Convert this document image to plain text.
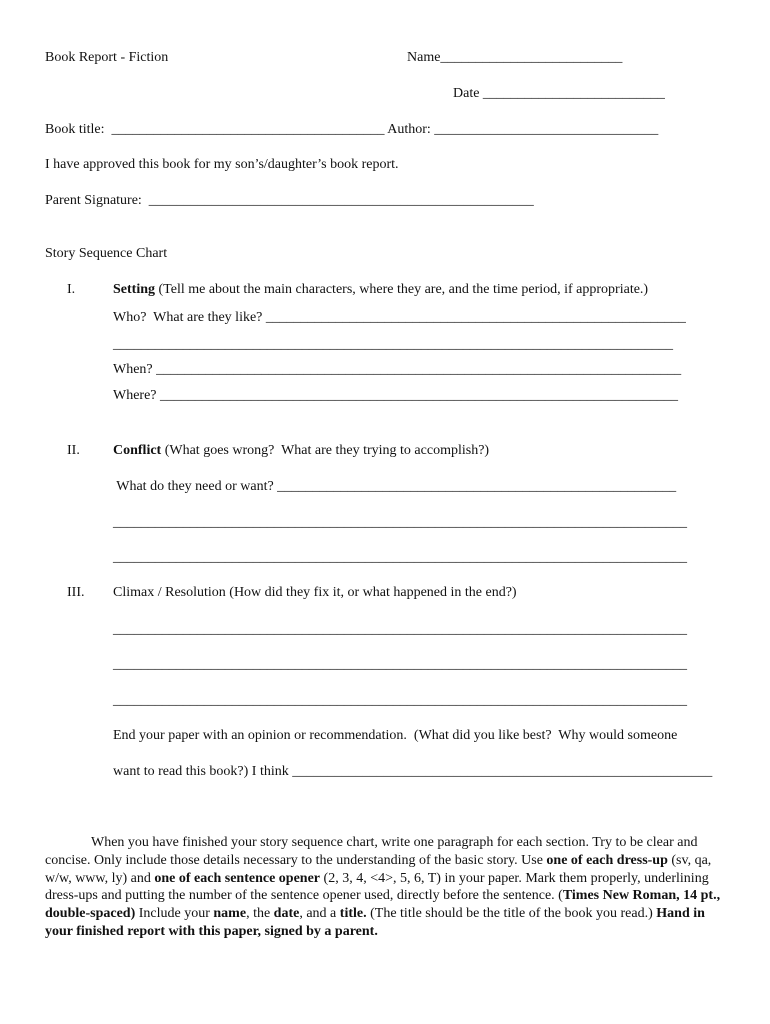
Book Report - Fiction	Name__________________________
Date __________________________
Book title:  _______________________________________ Author: ________________________________
I have approved this book for my son’s/daughter’s book report.
Parent Signature:  _______________________________________________________
Story Sequence Chart
I.	Setting (Tell me about the main characters, where they are, and the time period, if appropriate.)
Who?  What are they like? ____________________________________________________________
________________________________________________________________________________
When? ___________________________________________________________________________
Where? __________________________________________________________________________
II. Conflict (What goes wrong?  What are they trying to accomplish?)
What do they need or want? _________________________________________________________
__________________________________________________________________________________
__________________________________________________________________________________
III. Climax / Resolution (How did they fix it, or what happened in the end?)
__________________________________________________________________________________
__________________________________________________________________________________
__________________________________________________________________________________
End your paper with an opinion or recommendation.  (What did you like best?  Why would someone
want to read this book?) I think ____________________________________________________________
When you have finished your story sequence chart, write one paragraph for each section. Try to be clear and concise. Only include those details necessary to the understanding of the basic story. Use one of each dress-up (sv, qa, w/w, www, ly) and one of each sentence opener (2, 3, 4, <4>, 5, 6, T) in your paper. Mark them properly, underlining dress-ups and putting the number of the sentence opener used, directly before the sentence. (Times New Roman, 14 pt., double-spaced) Include your name, the date, and a title. (The title should be the title of the book you read.) Hand in your finished report with this paper, signed by a parent.
